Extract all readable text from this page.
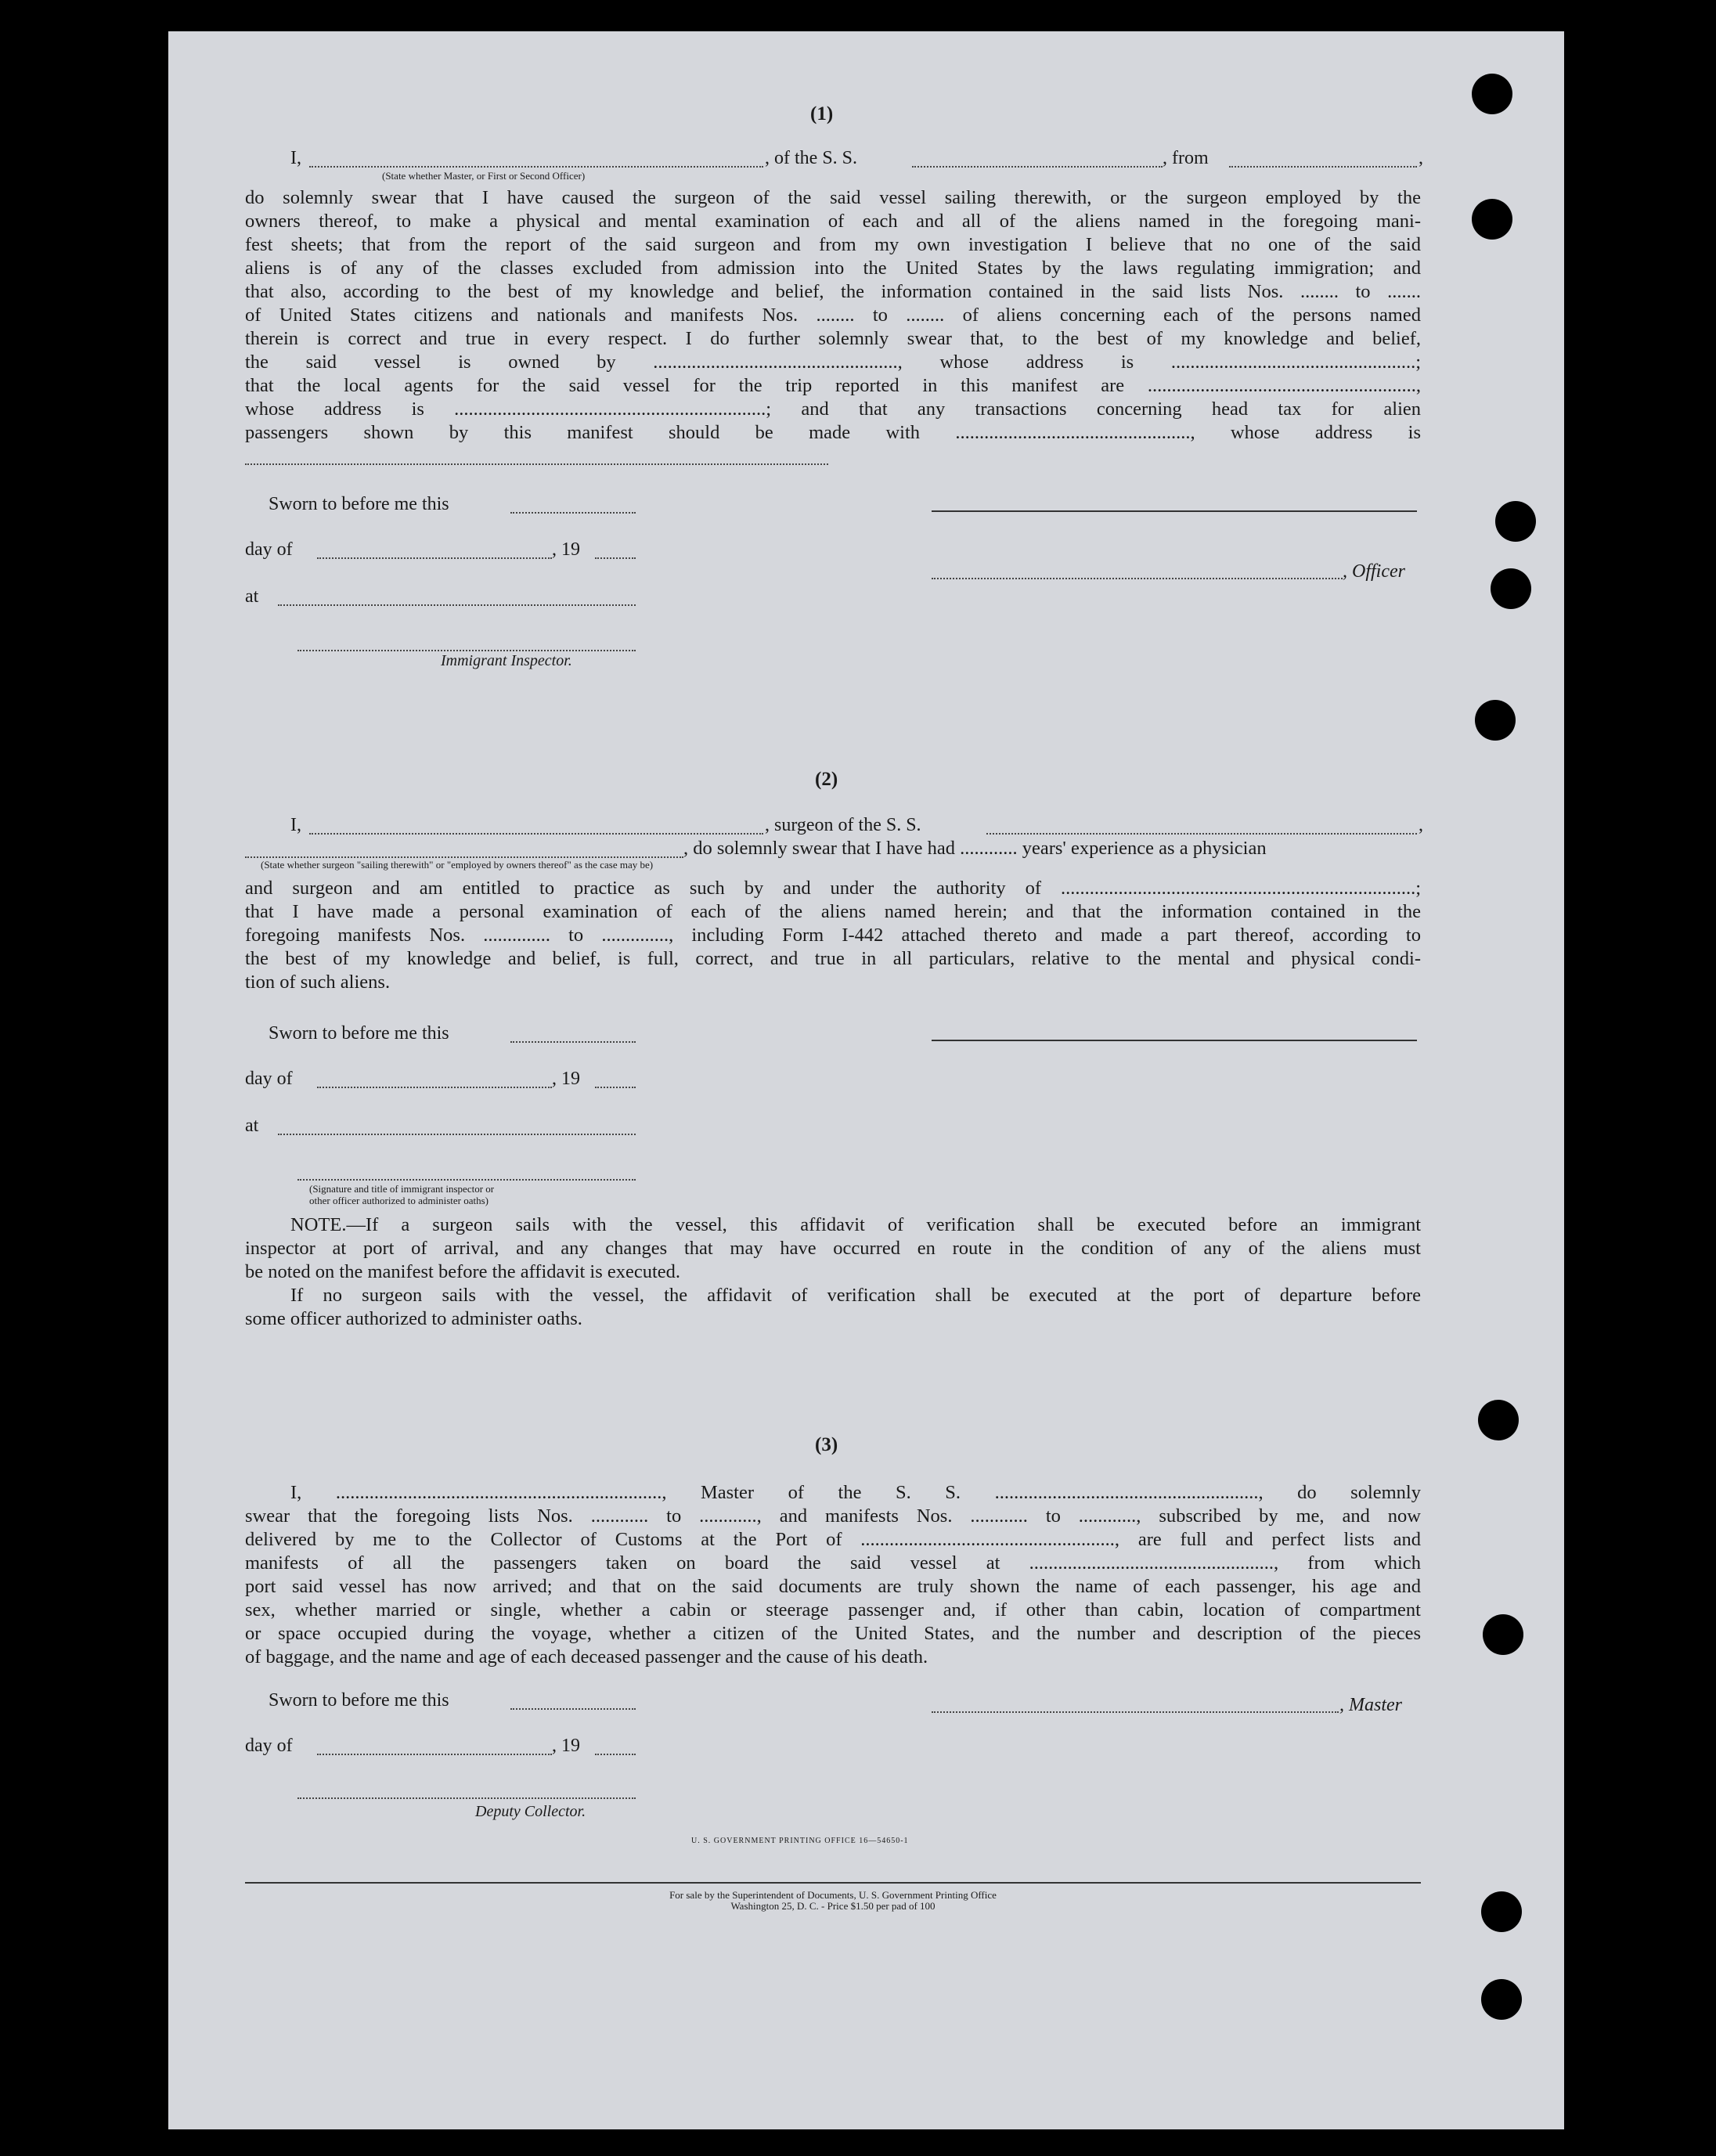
(1)
I,	, of the S. S.	, from	,
(State whether Master, or First or Second Officer)
do solemnly swear that I have caused the surgeon of the said vessel sailing therewith, or the surgeon employed by the
owners thereof, to make a physical and mental examination of each and all of the aliens named in the foregoing mani-
fest sheets; that from the report of the said surgeon and from my own investigation I believe that no one of the said
aliens is of any of the classes excluded from admission into the United States by the laws regulating immigration; and
that also, according to the best of my knowledge and belief, the information contained in the said lists Nos. ........ to .......
of United States citizens and nationals and manifests Nos. ........ to ........ of aliens concerning each of the persons named
therein is correct and true in every respect. I do further solemnly swear that, to the best of my knowledge and belief,
the said vessel is owned by ..................................................., whose address is ...................................................;
that the local agents for the said vessel for the trip reported in this manifest are ........................................................,
whose address is .................................................................; and that any transactions concerning head tax for alien
passengers shown by this manifest should be made with ................................................., whose address is
Sworn to before me this
day of	, 19
, Officer
at
Immigrant Inspector.
(2)
I,	, surgeon of the S. S.	,
, do solemnly swear that I have had ............ years' experience as a physician
(State whether surgeon "sailing therewith" or "employed by owners thereof" as the case may be)
and surgeon and am entitled to practice as such by and under the authority of ..........................................................................;
that I have made a personal examination of each of the aliens named herein; and that the information contained in the
foregoing manifests Nos. .............. to .............., including Form I-442 attached thereto and made a part thereof, according to
the best of my knowledge and belief, is full, correct, and true in all particulars, relative to the mental and physical condi-
tion of such aliens.
Sworn to before me this
day of	, 19
at
(Signature and title of immigrant inspector or
other officer authorized to administer oaths)
NOTE.—If a surgeon sails with the vessel, this affidavit of verification shall be executed before an immigrant
inspector at port of arrival, and any changes that may have occurred en route in the condition of any of the aliens must
be noted on the manifest before the affidavit is executed.
If no surgeon sails with the vessel, the affidavit of verification shall be executed at the port of departure before
some officer authorized to administer oaths.
(3)
I, ...................................................................., Master of the S. S. ......................................................., do solemnly
swear that the foregoing lists Nos. ............ to ............, and manifests Nos. ............ to ............, subscribed by me, and now
delivered by me to the Collector of Customs at the Port of ....................................................., are full and perfect lists and
manifests of all the passengers taken on board the said vessel at ..................................................., from which
port said vessel has now arrived; and that on the said documents are truly shown the name of each passenger, his age and
sex, whether married or single, whether a cabin or steerage passenger and, if other than cabin, location of compartment
or space occupied during the voyage, whether a citizen of the United States, and the number and description of the pieces
of baggage, and the name and age of each deceased passenger and the cause of his death.
Sworn to before me this	, Master
day of	, 19
Deputy Collector.
U. S. GOVERNMENT PRINTING OFFICE 16—54650-1
For sale by the Superintendent of Documents, U. S. Government Printing Office
Washington 25, D. C. - Price $1.50 per pad of 100
